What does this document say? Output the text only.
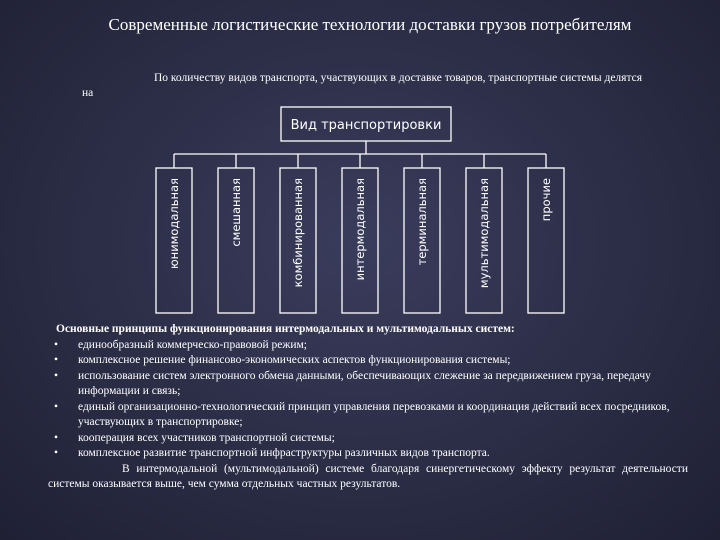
Современные логистические технологии доставки грузов потребителям
По количеству видов транспорта, участвующих в доставке товаров, транспортные системы делятся на
Вид транспортировки
юнимодальная	смешанная	комбинированная	интермодальная	терминальная	мультимодальная	прочие
Основные принципы функционирования интермодальных и мультимодальных систем:
• единообразный коммерческо-правовой режим;
• комплексное решение финансово-экономических аспектов функционирования системы;
• использование систем электронного обмена данными, обеспечивающих слежение за передвижением груза, передачу информации и связь;
• единый организационно-технологический принцип управления перевозками и координация действий всех посредников, участвующих в транспортировке;
• кооперация всех участников транспортной системы;
• комплексное развитие транспортной инфраструктуры различных видов транспорта.
В интермодальной (мультимодальной) системе благодаря синергетическому эффекту результат деятельности системы оказывается выше, чем сумма отдельных частных результатов.
